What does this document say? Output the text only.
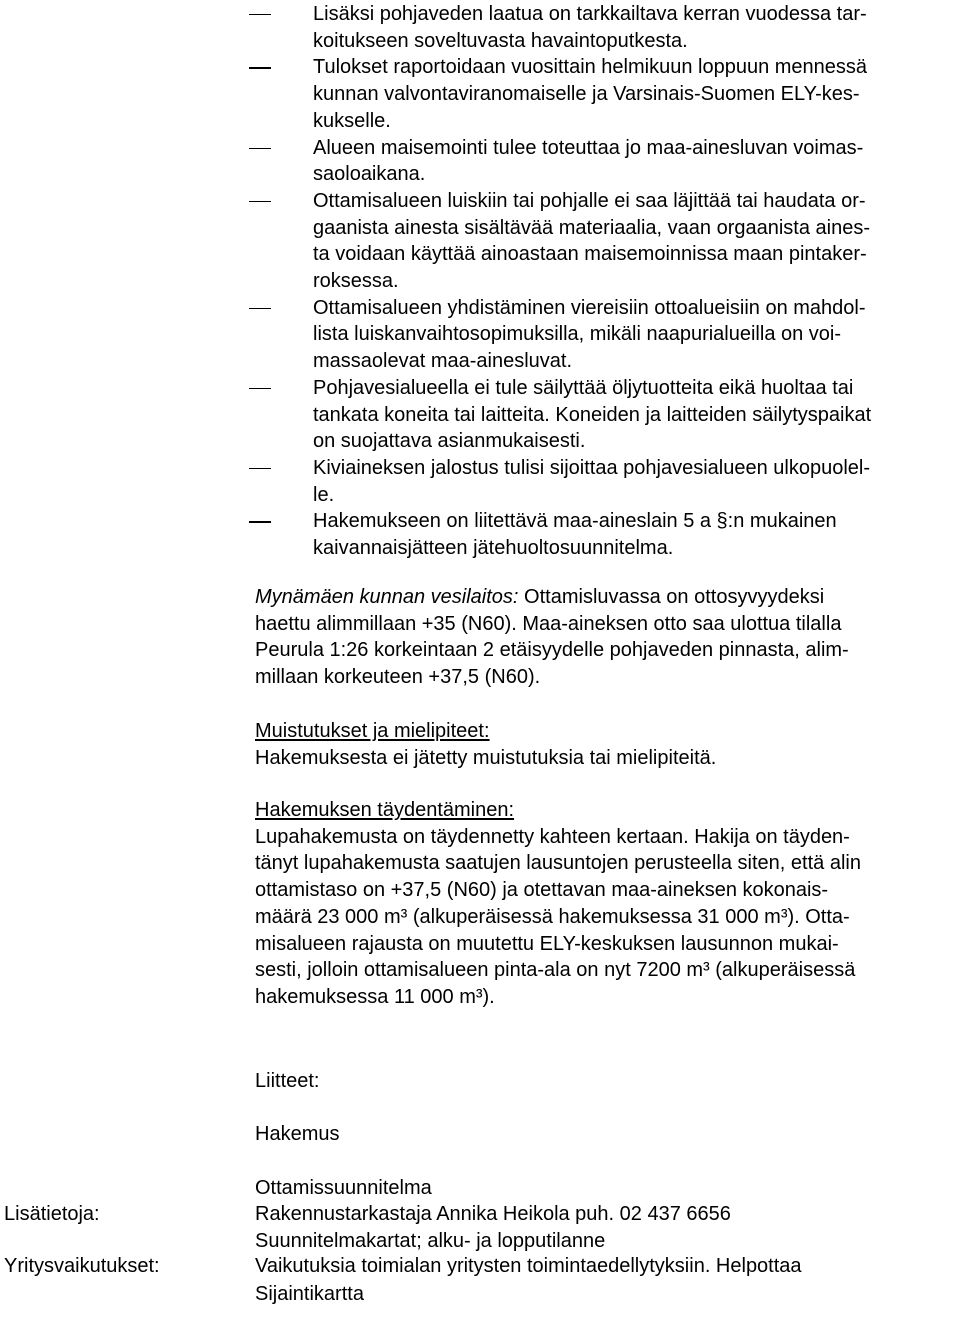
Lisäksi pohjaveden laatua on tarkkailtava kerran vuodessa tar-
koitukseen soveltuvasta havaintoputkesta.
Tulokset raportoidaan vuosittain helmikuun loppuun mennessä
kunnan valvontaviranomaiselle ja Varsinais-Suomen ELY-kes-
kukselle.
Alueen maisemointi tulee toteuttaa jo maa-ainesluvan voimas-
saoloaikana.
Ottamisalueen luiskiin tai pohjalle ei saa läjittää tai haudata or-
gaanista ainesta sisältävää materiaalia, vaan orgaanista aines-
ta voidaan käyttää ainoastaan maisemoinnissa maan pintaker-
roksessa.
Ottamisalueen yhdistäminen viereisiin ottoalueisiin on mahdol-
lista luiskanvaihtosopimuksilla, mikäli naapurialueilla on voi-
massaolevat maa-ainesluvat.
Pohjavesialueella ei tule säilyttää öljytuotteita eikä huoltaa tai
tankata koneita tai laitteita. Koneiden ja laitteiden säilytyspaikat
on suojattava asianmukaisesti.
Kiviaineksen jalostus tulisi sijoittaa pohjavesialueen ulkopuolel-
le.
Hakemukseen on liitettävä maa-aineslain 5 a §:n mukainen
kaivannaisjätteen jätehuoltosuunnitelma.
Mynämäen kunnan vesilaitos: Ottamisluvassa on ottosyvyydeksi
haettu alimmillaan +35 (N60). Maa-aineksen otto saa ulottua tilalla
Peurula 1:26 korkeintaan 2 etäisyydelle pohjaveden pinnasta, alim-
millaan korkeuteen +37,5 (N60).
Muistutukset ja mielipiteet:
Hakemuksesta ei jätetty muistutuksia tai mielipiteitä.
Hakemuksen täydentäminen:
Lupahakemusta on täydennetty kahteen kertaan. Hakija on täyden-
tänyt lupahakemusta saatujen lausuntojen perusteella siten, että alin
ottamistaso on +37,5 (N60) ja otettavan maa-aineksen kokonais-
määrä 23 000 m³ (alkuperäisessä hakemuksessa 31 000 m³). Otta-
misalueen rajausta on muutettu ELY-keskuksen lausunnon mukai-
sesti, jolloin ottamisalueen pinta-ala on nyt 7200 m³ (alkuperäisessä
hakemuksessa 11 000 m³).

Liitteet:

Hakemus

Ottamissuunnitelma

Suunnitelmakartat; alku- ja lopputilanne

Sijaintikartta

Lisätietoja:	Rakennustarkastaja Annika Heikola puh. 02 437 6656
Yritysvaikutukset:	Vaikutuksia toimialan yritysten toimintaedellytyksiin. Helpottaa
